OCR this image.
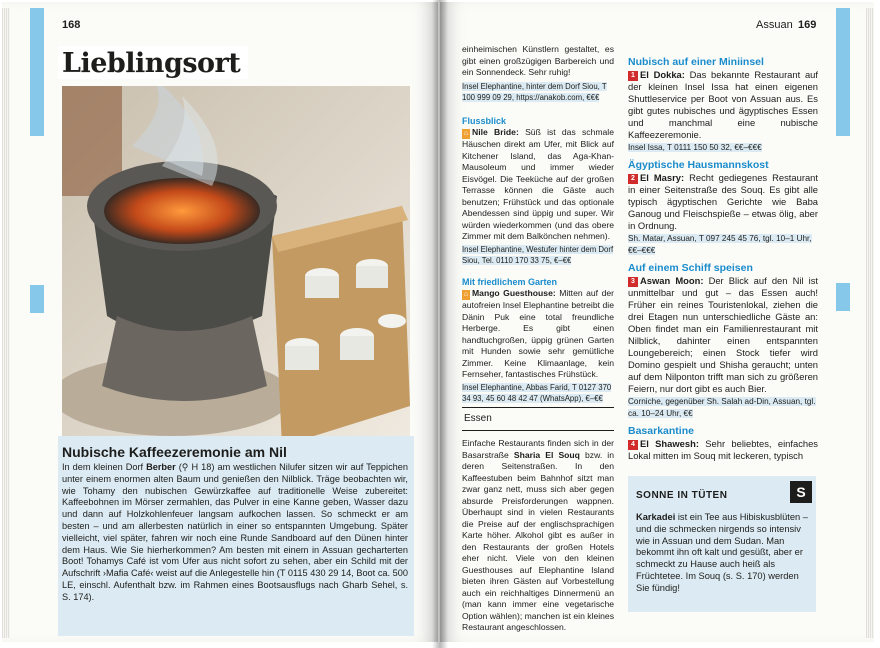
168
Lieblingsort
Nubische Kaffeezeremonie am Nil

In dem kleinen Dorf Berber (⚲ H 18) am westlichen Nilufer sitzen wir auf Teppichen unter einem enormen alten Baum und genießen den Nilblick. Träge beobachten wir, wie Tohamy den nubischen Gewürzkaffee auf traditionelle Weise zubereitet: Kaffeebohnen im Mörser zermahlen, das Pulver in eine Kanne geben, Wasser dazu und dann auf Holzkohlenfeuer langsam aufkochen lassen. So schmeckt er am besten – und am allerbesten natürlich in einer so entspannten Umgebung. Später vielleicht, viel später, fahren wir noch eine Runde Sandboard auf den Dünen hinter dem Haus. Wie Sie hierherkommen? Am besten mit einem in Assuan gecharterten Boot! Tohamys Café ist vom Ufer aus nicht sofort zu sehen, aber ein Schild mit der Aufschrift ›Mafia Café‹ weist auf die Anlegestelle hin (T 0115 430 29 14, Boot ca. 500 LE, einschl. Aufenthalt bzw. im Rahmen eines Bootsausflugs nach Gharb Sehel, s. S. 174).

einheimischen Künstlern gestaltet, es gibt einen großzügigen Barbereich und ein Sonnendeck. Sehr ruhig!

Insel Elephantine, hinter dem Dorf Siou, T 100 999 09 29, https://anakob.com, €€€
Flussblick

⌂ Nile Bride: Süß ist das schmale Häuschen direkt am Ufer, mit Blick auf Kitchener Island, das Aga-Khan-Mausoleum und immer wieder Eisvögel. Die Teeküche auf der großen Terrasse können die Gäste auch benutzen; Frühstück und das optionale Abendessen sind üppig und super. Wir würden wiederkommen (und das obere Zimmer mit dem Balkönchen nehmen).

Insel Elephantine, Westufer hinter dem Dorf Siou, Tel. 0110 170 33 75, €–€€
Mit friedlichem Garten

⌂ Mango Guesthouse: Mitten auf der autofreien Insel Elephantine betreibt die Dänin Puk eine total freundliche Herberge. Es gibt einen handtuchgroßen, üppig grünen Garten mit Hunden sowie sehr gemütliche Zimmer. Keine Klimaanlage, kein Fernseher, fantastisches Frühstück.

Insel Elephantine, Abbas Farid, T 0127 370 34 93, 45 60 48 42 47 (WhatsApp), €–€€
Essen

Einfache Restaurants finden sich in der Basarstraße Sharia El Souq bzw. in deren Seitenstraßen. In den Kaffeestuben beim Bahnhof sitzt man zwar ganz nett, muss sich aber gegen absurde Preisforderungen wappnen. Überhaupt sind in vielen Restaurants die Preise auf der englischsprachigen Karte höher. Alkohol gibt es außer in den Restaurants der großen Hotels eher nicht. Viele von den kleinen Guesthouses auf Elephantine Island bieten ihren Gästen auf Vorbestellung auch ein reichhaltiges Dinnermenü an (man kann immer eine vegetarische Option wählen); manchen ist ein kleines Restaurant angeschlossen.

Assuan 169
Nubisch auf einer Miniinsel

1 El Dokka: Das bekannte Restaurant auf der kleinen Insel Issa hat einen eigenen Shuttleservice per Boot von Assuan aus. Es gibt gutes nubisches und ägyptisches Essen und manchmal eine nubische Kaffeezeremonie.

Insel Issa, T 0111 150 50 32, €€–€€€
Ägyptische Hausmannskost

2 El Masry: Recht gediegenes Restaurant in einer Seitenstraße des Souq. Es gibt alle typisch ägyptischen Gerichte wie Baba Ganoug und Fleischspieße – etwas ölig, aber in Ordnung.

Sh. Matar, Assuan, T 097 245 45 76, tgl. 10–1 Uhr, €€–€€€
Auf einem Schiff speisen

3 Aswan Moon: Der Blick auf den Nil ist unmittelbar und gut – das Essen auch! Früher ein reines Touristenlokal, ziehen die drei Etagen nun unterschiedliche Gäste an: Oben findet man ein Familienrestaurant mit Nilblick, dahinter einen entspannten Loungebereich; einen Stock tiefer wird Domino gespielt und Shisha geraucht; unten auf dem Nilponton trifft man sich zu größeren Feiern, nur dort gibt es auch Bier.

Corniche, gegenüber Sh. Salah ad-Din, Assuan, tgl. ca. 10–24 Uhr, €€
Basarkantine

4 El Shawesh: Sehr beliebtes, einfaches Lokal mitten im Souq mit leckeren, typisch

SONNE IN TÜTEN	S

Karkadei ist ein Tee aus Hibiskusblüten – und die schmecken nirgends so intensiv wie in Assuan und dem Sudan. Man bekommt ihn oft kalt und gesüßt, aber er schmeckt zu Hause auch heiß als Früchtetee. Im Souq (s. S. 170) werden Sie fündig!
